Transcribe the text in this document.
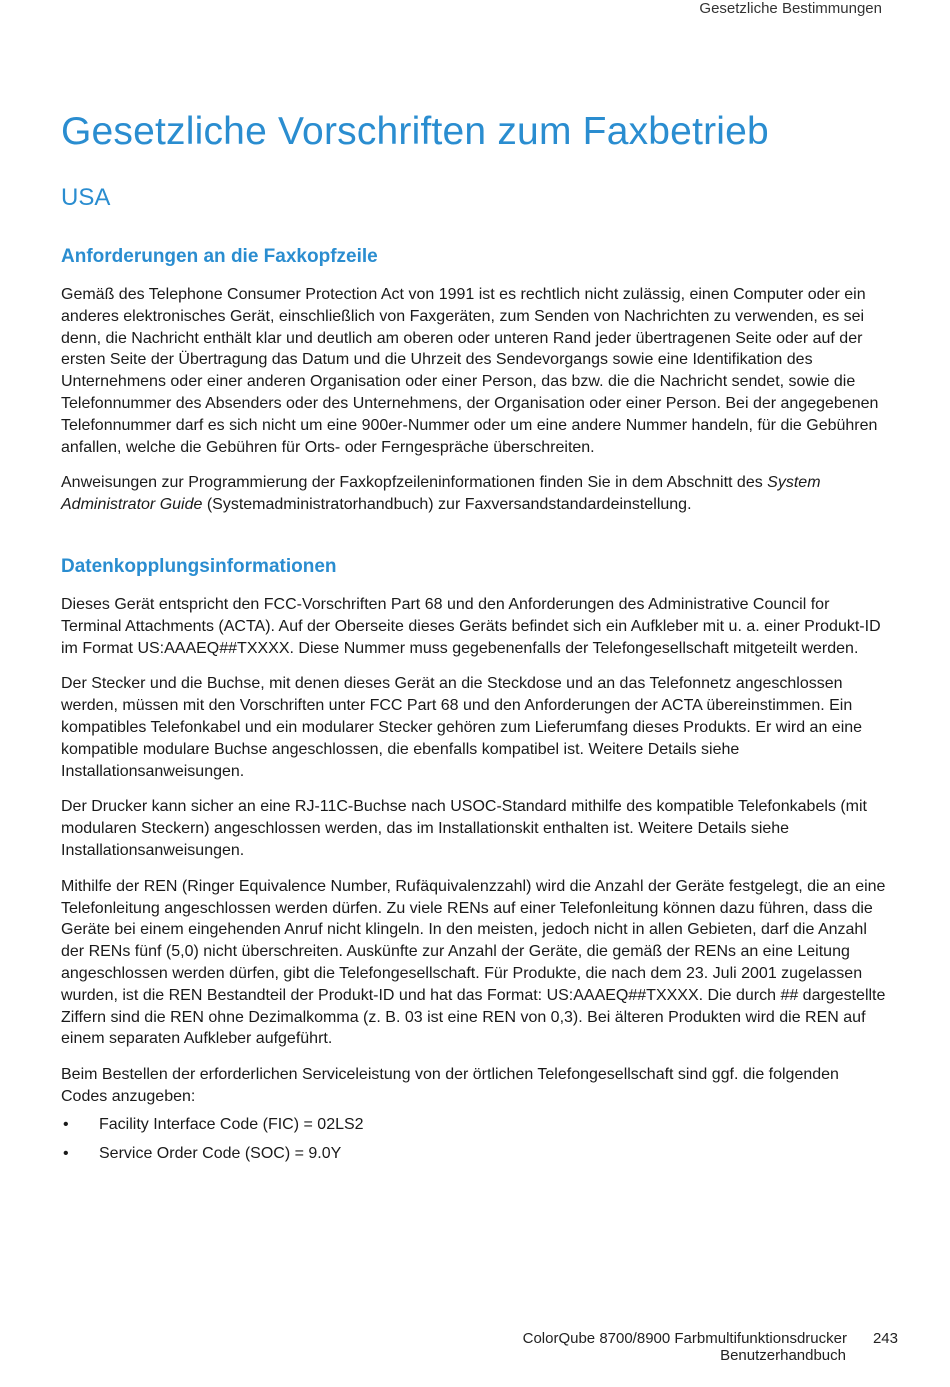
Gesetzliche Bestimmungen
Gesetzliche Vorschriften zum Faxbetrieb
USA
Anforderungen an die Faxkopfzeile

Gemäß des Telephone Consumer Protection Act von 1991 ist es rechtlich nicht zulässig, einen Computer oder ein anderes elektronisches Gerät, einschließlich von Faxgeräten, zum Senden von Nachrichten zu verwenden, es sei denn, die Nachricht enthält klar und deutlich am oberen oder unteren Rand jeder übertragenen Seite oder auf der ersten Seite der Übertragung das Datum und die Uhrzeit des Sendevorgangs sowie eine Identifikation des Unternehmens oder einer anderen Organisation oder einer Person, das bzw. die die Nachricht sendet, sowie die Telefonnummer des Absenders oder des Unternehmens, der Organisation oder einer Person. Bei der angegebenen Telefonnummer darf es sich nicht um eine 900er-Nummer oder um eine andere Nummer handeln, für die Gebühren anfallen, welche die Gebühren für Orts- oder Ferngespräche überschreiten.

Anweisungen zur Programmierung der Faxkopfzeileninformationen finden Sie in dem Abschnitt des System Administrator Guide (Systemadministratorhandbuch) zur Faxversandstandardeinstellung.

Datenkopplungsinformationen

Dieses Gerät entspricht den FCC-Vorschriften Part 68 und den Anforderungen des Administrative Council for Terminal Attachments (ACTA). Auf der Oberseite dieses Geräts befindet sich ein Aufkleber mit u. a. einer Produkt-ID im Format US:AAAEQ##TXXXX. Diese Nummer muss gegebenenfalls der Telefongesellschaft mitgeteilt werden.

Der Stecker und die Buchse, mit denen dieses Gerät an die Steckdose und an das Telefonnetz angeschlossen werden, müssen mit den Vorschriften unter FCC Part 68 und den Anforderungen der ACTA übereinstimmen. Ein kompatibles Telefonkabel und ein modularer Stecker gehören zum Lieferumfang dieses Produkts. Er wird an eine kompatible modulare Buchse angeschlossen, die ebenfalls kompatibel ist. Weitere Details siehe Installationsanweisungen.

Der Drucker kann sicher an eine RJ-11C-Buchse nach USOC-Standard mithilfe des kompatible Telefonkabels (mit modularen Steckern) angeschlossen werden, das im Installationskit enthalten ist. Weitere Details siehe Installationsanweisungen.

Mithilfe der REN (Ringer Equivalence Number, Rufäquivalenzzahl) wird die Anzahl der Geräte festgelegt, die an eine Telefonleitung angeschlossen werden dürfen. Zu viele RENs auf einer Telefonleitung können dazu führen, dass die Geräte bei einem eingehenden Anruf nicht klingeln. In den meisten, jedoch nicht in allen Gebieten, darf die Anzahl der RENs fünf (5,0) nicht überschreiten. Auskünfte zur Anzahl der Geräte, die gemäß der RENs an eine Leitung angeschlossen werden dürfen, gibt die Telefongesellschaft. Für Produkte, die nach dem 23. Juli 2001 zugelassen wurden, ist die REN Bestandteil der Produkt-ID und hat das Format: US:AAAEQ##TXXXX. Die durch ## dargestellte Ziffern sind die REN ohne Dezimalkomma (z. B. 03 ist eine REN von 0,3). Bei älteren Produkten wird die REN auf einem separaten Aufkleber aufgeführt.

Beim Bestellen der erforderlichen Serviceleistung von der örtlichen Telefongesellschaft sind ggf. die folgenden Codes anzugeben:

• Facility Interface Code (FIC) = 02LS2
• Service Order Code (SOC) = 9.0Y
ColorQube 8700/8900 Farbmultifunktionsdrucker 243
Benutzerhandbuch
